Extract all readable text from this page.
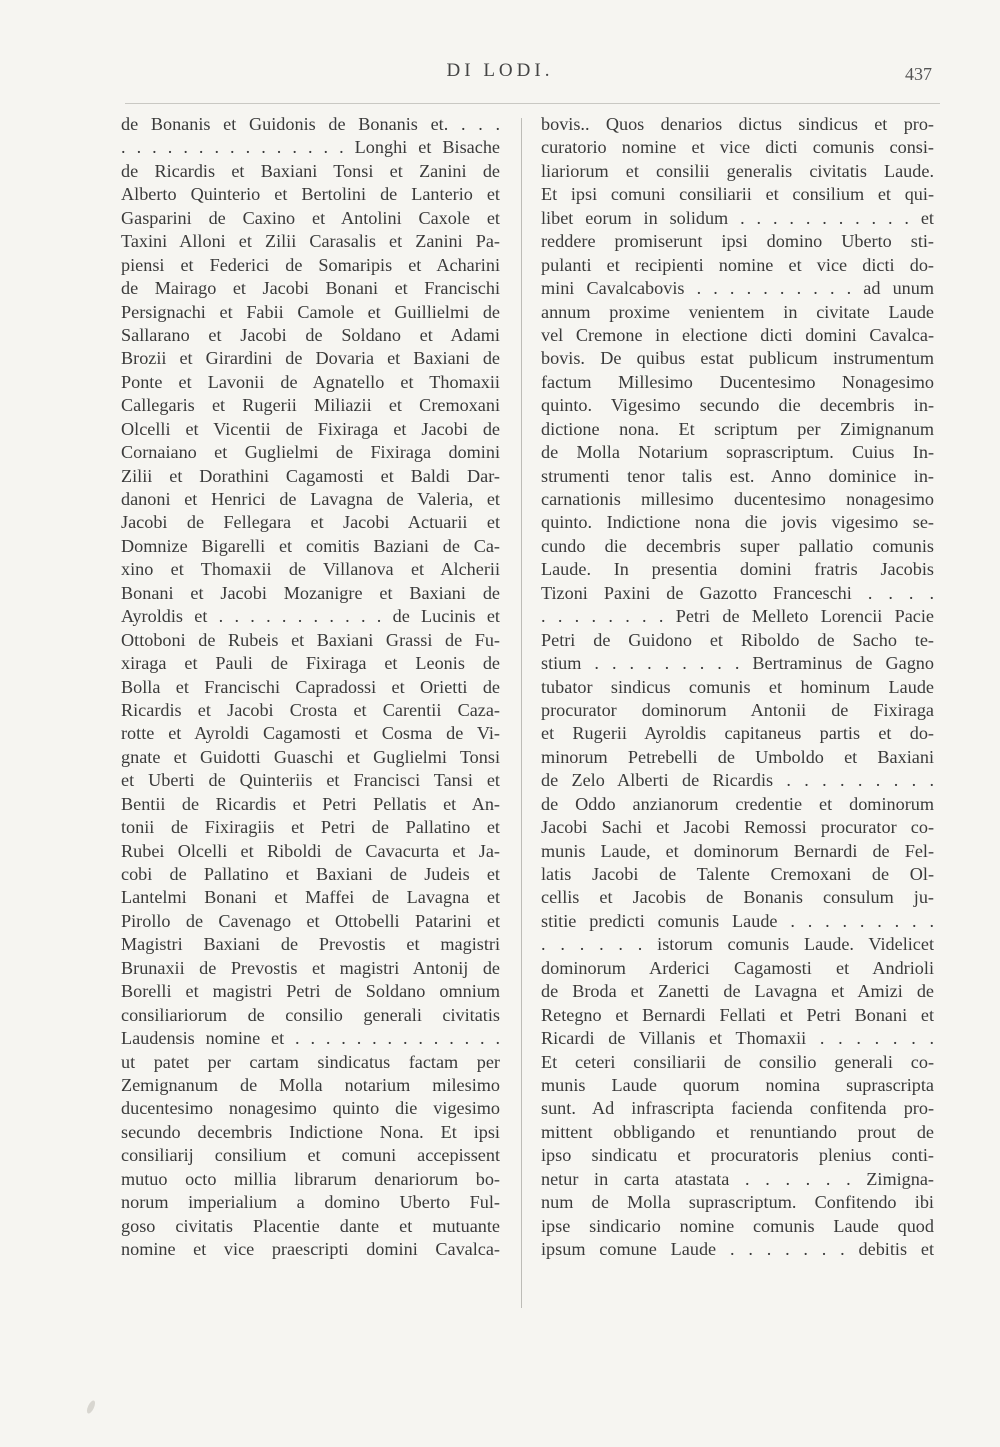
DI LODI.	437
de Bonanis et Guidonis de Bonanis et. . . .
. . . . . . . . . . . . . . . Longhi et Bisache
de Ricardis et Baxiani Tonsi et Zanini de
Alberto Quinterio et Bertolini de Lanterio et
Gasparini de Caxino et Antolini Caxole et
Taxini Alloni et Zilii Carasalis et Zanini Pa-
piensi et Federici de Somaripis et Acharini
de Mairago et Jacobi Bonani et Francischi
Persignachi et Fabii Camole et Guillielmi de
Sallarano et Jacobi de Soldano et Adami
Brozii et Girardini de Dovaria et Baxiani de
Ponte et Lavonii de Agnatello et Thomaxii
Callegaris et Rugerii Miliazii et Cremoxani
Olcelli et Vicentii de Fixiraga et Jacobi de
Cornaiano et Guglielmi de Fixiraga domini
Zilii et Dorathini Cagamosti et Baldi Dar-
danoni et Henrici de Lavagna de Valeria, et
Jacobi de Fellegara et Jacobi Actuarii et
Domnize Bigarelli et comitis Baziani de Ca-
xino et Thomaxii de Villanova et Alcherii
Bonani et Jacobi Mozanigre et Baxiani de
Ayroldis et . . . . . . . . . . . de Lucinis et
Ottoboni de Rubeis et Baxiani Grassi de Fu-
xiraga et Pauli de Fixiraga et Leonis de
Bolla et Francischi Capradossi et Orietti de
Ricardis et Jacobi Crosta et Carentii Caza-
rotte et Ayroldi Cagamosti et Cosma de Vi-
gnate et Guidotti Guaschi et Guglielmi Tonsi
et Uberti de Quinteriis et Francisci Tansi et
Bentii de Ricardis et Petri Pellatis et An-
tonii de Fixiragiis et Petri de Pallatino et
Rubei Olcelli et Riboldi de Cavacurta et Ja-
cobi de Pallatino et Baxiani de Judeis et
Lantelmi Bonani et Maffei de Lavagna et
Pirollo de Cavenago et Ottobelli Patarini et
Magistri Baxiani de Prevostis et magistri
Brunaxii de Prevostis et magistri Antonij de
Borelli et magistri Petri de Soldano omnium
consiliariorum de consilio generali civitatis
Laudensis nomine et . . . . . . . . . . . . . .
ut patet per cartam sindicatus factam per
Zemignanum de Molla notarium milesimo
ducentesimo nonagesimo quinto die vigesimo
secundo decembris Indictione Nona. Et ipsi
consiliarij consilium et comuni accepissent
mutuo octo millia librarum denariorum bo-
norum imperialium a domino Uberto Ful-
goso civitatis Placentie dante et mutuante
nomine et vice praescripti domini Cavalca-
bovis.. Quos denarios dictus sindicus et pro-
curatorio nomine et vice dicti comunis consi-
liariorum et consilii generalis civitatis Laude.
Et ipsi comuni consiliarii et consilium et qui-
libet eorum in solidum . . . . . . . . . . . et
reddere promiserunt ipsi domino Uberto sti-
pulanti et recipienti nomine et vice dicti do-
mini Cavalcabovis . . . . . . . . . . ad unum
annum proxime venientem in civitate Laude
vel Cremone in electione dicti domini Cavalca-
bovis. De quibus estat publicum instrumentum
factum Millesimo Ducentesimo Nonagesimo
quinto. Vigesimo secundo die decembris in-
dictione nona. Et scriptum per Zimignanum
de Molla Notarium soprascriptum. Cuius In-
strumenti tenor talis est. Anno dominice in-
carnationis millesimo ducentesimo nonagesimo
quinto. Indictione nona die jovis vigesimo se-
cundo die decembris super pallatio comunis
Laude. In presentia domini fratris Jacobis
Tizoni Paxini de Gazotto Franceschi . . . .
. . . . . . . . Petri de Melleto Lorencii Pacie
Petri de Guidono et Riboldo de Sacho te-
stium . . . . . . . . . Bertraminus de Gagno
tubator sindicus comunis et hominum Laude
procurator dominorum Antonii de Fixiraga
et Rugerii Ayroldis capitaneus partis et do-
minorum Petrebelli de Umboldo et Baxiani
de Zelo Alberti de Ricardis . . . . . . . . .
de Oddo anzianorum credentie et dominorum
Jacobi Sachi et Jacobi Remossi procurator co-
munis Laude, et dominorum Bernardi de Fel-
latis Jacobi de Talente Cremoxani de Ol-
cellis et Jacobis de Bonanis consulum ju-
stitie predicti comunis Laude . . . . . . . . .
. . . . . . istorum comunis Laude. Videlicet
dominorum Arderici Cagamosti et Andrioli
de Broda et Zanetti de Lavagna et Amizi de
Retegno et Bernardi Fellati et Petri Bonani et
Ricardi de Villanis et Thomaxii . . . . . . .
Et ceteri consiliarii de consilio generali co-
munis Laude quorum nomina suprascripta
sunt. Ad infrascripta facienda confitenda pro-
mittent obbligando et renuntiando prout de
ipso sindicatu et procuratoris plenius conti-
netur in carta atastata . . . . . . Zimigna-
num de Molla suprascriptum. Confitendo ibi
ipse sindicario nomine comunis Laude quod
ipsum comune Laude . . . . . . . debitis et
